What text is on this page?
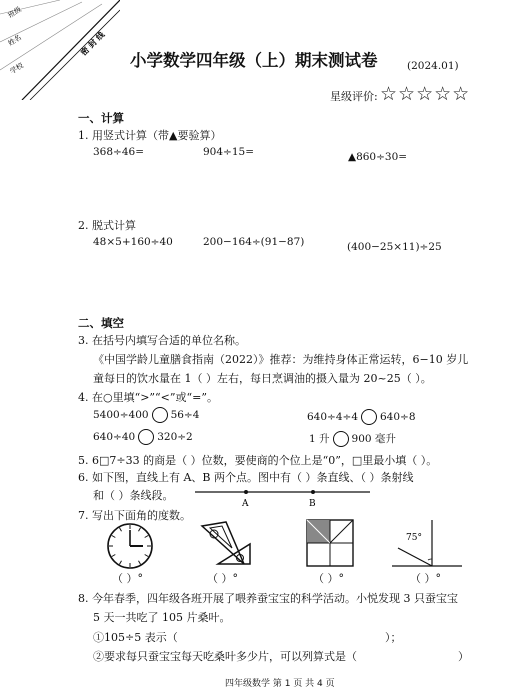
班级
姓名
学校
密 封 线
小学数学四年级（上）期末测试卷	(2024.01)
星级评价: ☆☆☆☆☆
一、计算
1. 用竖式计算（带▲要验算）
368÷46=	904÷15=	▲860÷30=
2. 脱式计算
48×5+160÷40	200−164÷(91−87)	(400−25×11)÷25
二、填空
3. 在括号内填写合适的单位名称。
《中国学龄儿童膳食指南（2022）》推荐：为维持身体正常运转，6−10 岁儿
童每日的饮水量在 1（ ）左右，每日烹调油的摄入量为 20~25（ ）。
4. 在○里填“>”“<”或“=”。
5400÷400 56÷4	640÷4÷4 640÷8
640÷40 320÷2	1 升 900 毫升
5. 6□7÷33 的商是（ ）位数，要使商的个位上是“0”，□里最小填（ ）。
6. 如下图，直线上有 A、B 两个点。图中有（ ）条直线、（ ）条射线
和（ ）条线段。
A	B
7. 写出下面角的度数。
75°
（ ）°	（ ）°	（ ）°	（ ）°
8. 今年春季，四年级各班开展了喂养蚕宝宝的科学活动。小悦发现 3 只蚕宝宝
5 天一共吃了 105 片桑叶。
①105÷5 表示（	）；
②要求每只蚕宝宝每天吃桑叶多少片，可以列算式是（	）
四年级数学 第 1 页 共 4 页
